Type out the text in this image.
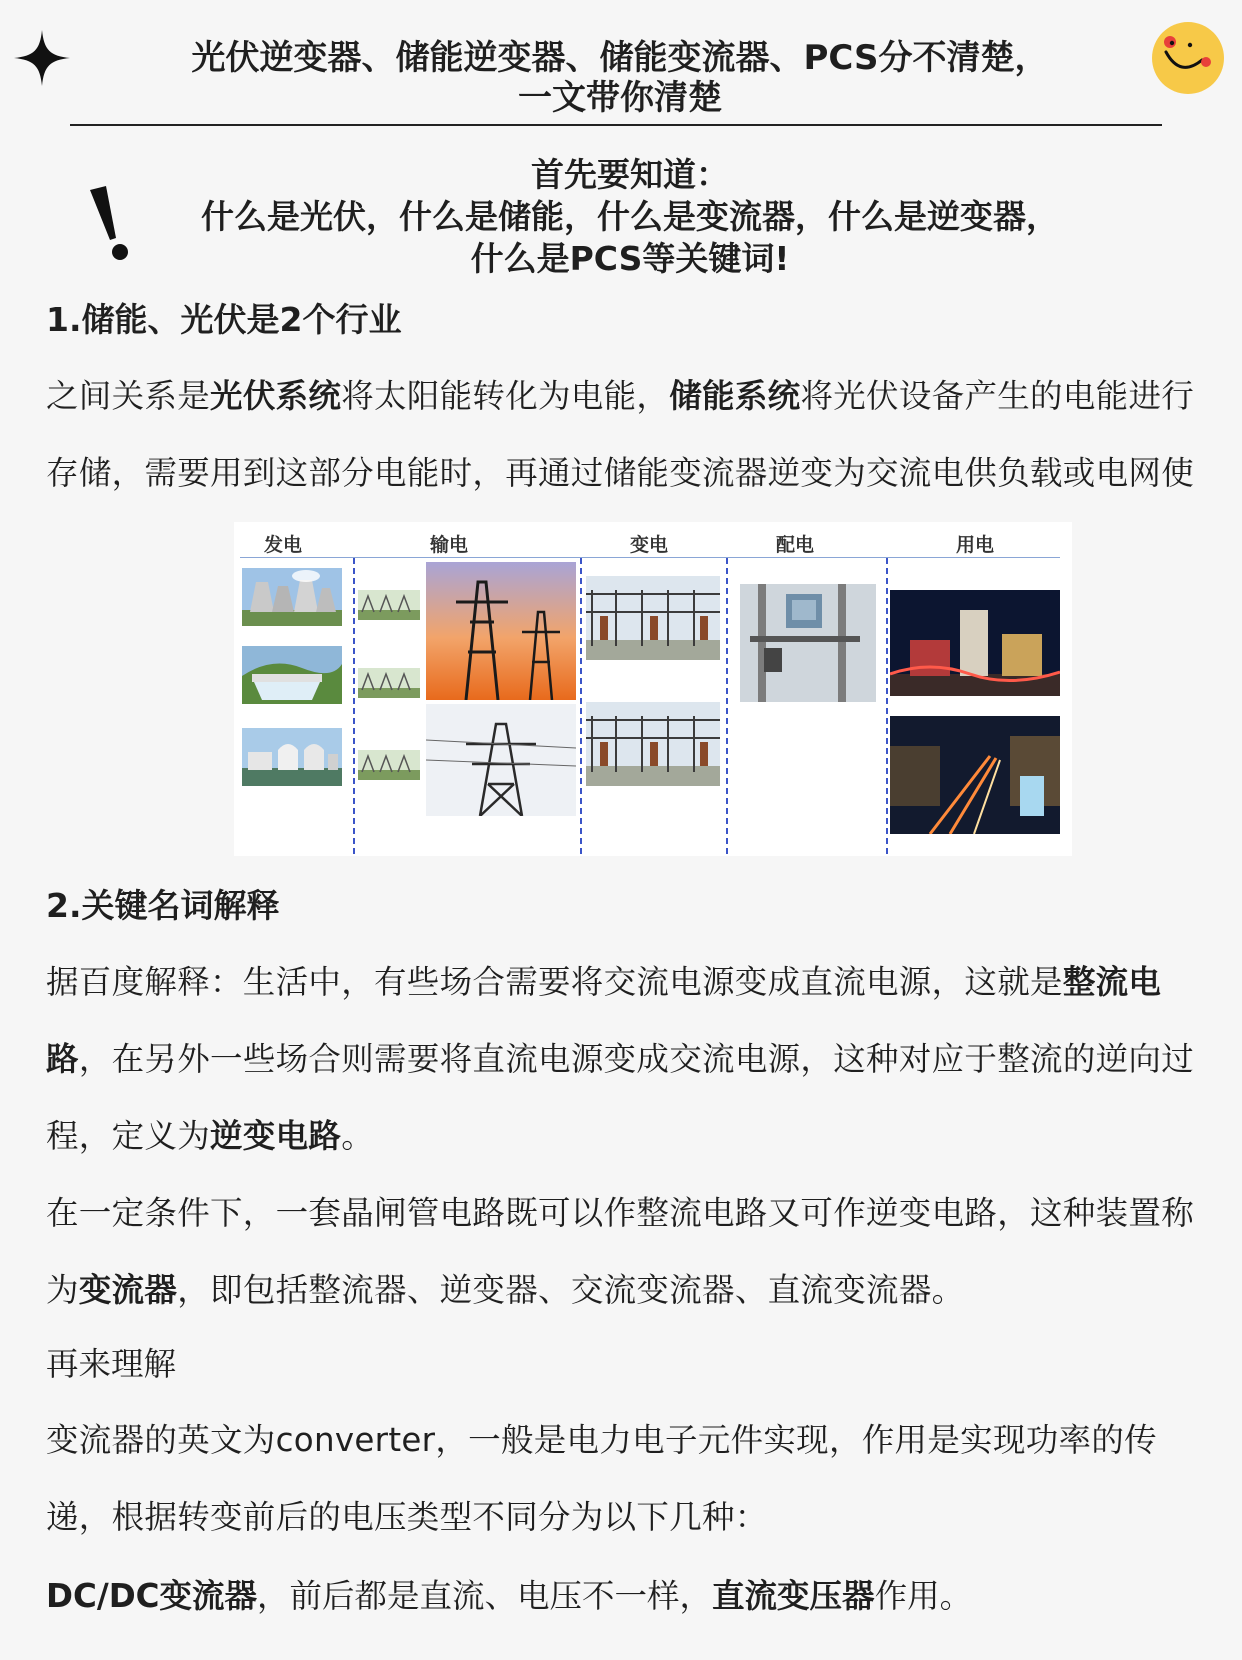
光伏逆变器、储能逆变器、储能变流器、PCS分不清楚，
一文带你清楚
首先要知道：
什么是光伏，什么是储能，什么是变流器，什么是逆变器，
什么是PCS等关键词!
1.储能、光伏是2个行业
之间关系是光伏系统将太阳能转化为电能，储能系统将光伏设备产生的电能进行存储，需要用到这部分电能时，再通过储能变流器逆变为交流电供负载或电网使
发电	输电	变电	配电	用电
2.关键名词解释
据百度解释：生活中，有些场合需要将交流电源变成直流电源，这就是整流电路，在另外一些场合则需要将直流电源变成交流电源，这种对应于整流的逆向过程，定义为逆变电路。
在一定条件下，一套晶闸管电路既可以作整流电路又可作逆变电路，这种装置称为变流器，即包括整流器、逆变器、交流变流器、直流变流器。
再来理解
变流器的英文为converter，一般是电力电子元件实现，作用是实现功率的传递，根据转变前后的电压类型不同分为以下几种：
DC/DC变流器，前后都是直流、电压不一样，直流变压器作用。
